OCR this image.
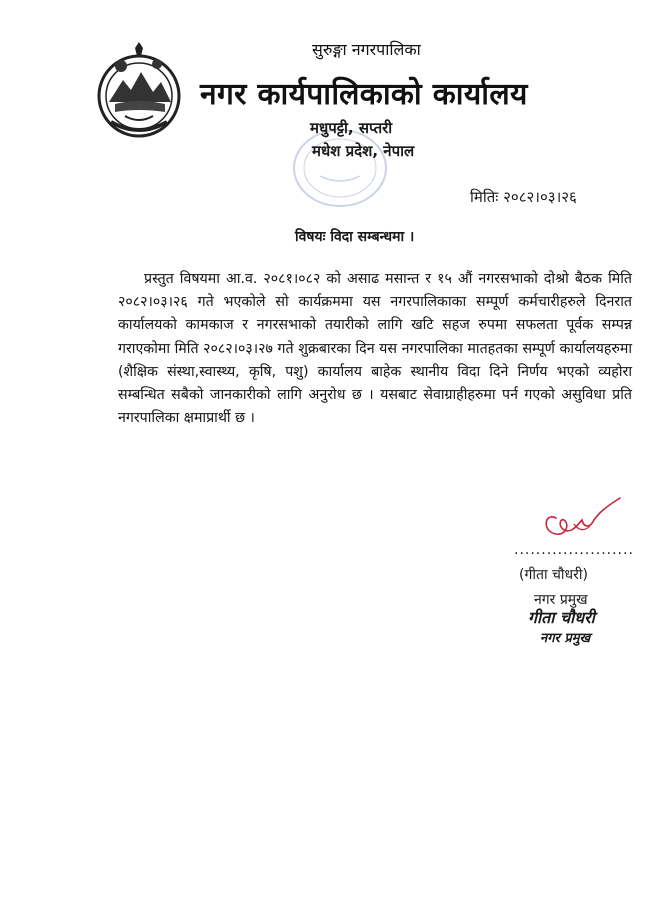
सुरुङ्गा नगरपालिका
नगर कार्यपालिकाको कार्यालय
मधुपट्टी, सप्तरी
मधेश प्रदेश, नेपाल
मितिः २०८२।०३।२६
विषयः विदा सम्बन्धमा ।
प्रस्तुत विषयमा आ.व. २०८१।०८२ को असाढ मसान्त र १५ औं नगरसभाको दोश्रो बैठक मिति २०८२।०३।२६ गते भएकोले सो कार्यक्रममा यस नगरपालिकाका सम्पूर्ण कर्मचारीहरुले दिनरात कार्यालयको कामकाज र नगरसभाको तयारीको लागि खटि सहज रुपमा सफलता पूर्वक सम्पन्न गराएकोमा मिति २०८२।०३।२७ गते शुक्रबारका दिन यस नगरपालिका मातहतका सम्पूर्ण कार्यालयहरुमा (शैक्षिक संस्था,स्वास्थ्य, कृषि, पशु) कार्यालय बाहेक स्थानीय विदा दिने निर्णय भएको व्यहोरा सम्बन्धित सबैको जानकारीको लागि अनुरोध छ । यसबाट सेवाग्राहीहरुमा पर्न गएको असुविधा प्रति नगरपालिका क्षमाप्रार्थी छ ।
......................
(गीता चौधरी)
नगर प्रमुख
गीता चौधरी
नगर प्रमुख
